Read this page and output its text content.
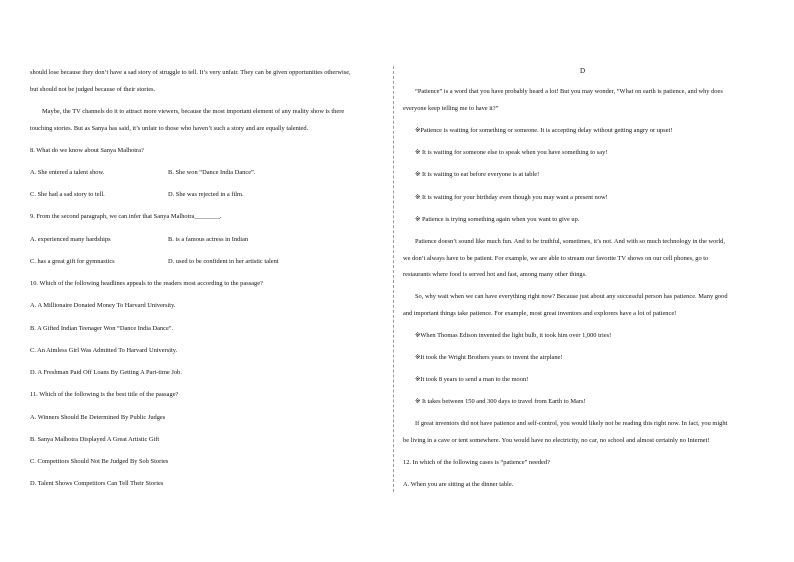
should lose because they don’t have a sad story of struggle to tell. It’s very unfair. They can be given opportunities otherwise,
but should not be judged because of their stories.
Maybe, the TV channels do it to attract more viewers, because the most important element of any reality show is there
touching stories. But as Sanya has said, it’s unfair to those who haven’t such a story and are equally talented.
8. What do we know about Sanya Malhotra?
A. She entered a talent show.	B. She won “Dance India Dance”.
C. She had a sad story to tell.	D. She was rejected in a film.
9. From the second paragraph, we can infer that Sanya Malhotra________.
A. experienced many hardships	B. is a famous actress in Indian
C. has a great gift for gymnastics	D. used to be confident in her artistic talent
10. Which of the following headlines appeals to the readers most according to the passage?
A. A Millionaire Donated Money To Harvard University.
B. A Gifted Indian Teenager Won “Dance India Dance”.
C. An Aimless Girl Was Admitted To Harvard University.
D. A Freshman Paid Off Loans By Getting A Part-time Job.
11. Which of the following is the best title of the passage?
A. Winners Should Be Determined By Public Judges
B. Sanya Malhotra Displayed A Great Artistic Gift
C. Competitors Should Not Be Judged By Sob Stories
D. Talent Shows Competitors Can Tell Their Stories
D
“Patience” is a word that you have probably heard a lot! But you may wonder, “What on earth is patience, and why does
everyone keep telling me to have it?”
※Patience is waiting for something or someone. It is accepting delay without getting angry or upset!
※ It is waiting for someone else to speak when you have something to say!
※ It is waiting to eat before everyone is at table!
※ It is waiting for your birthday even though you may want a present now!
※ Patience is trying something again when you want to give up.
Patience doesn’t sound like much fun. And to be truthful, sometimes, it’s not. And with so much technology in the world,
we don’t always have to be patient. For example, we are able to stream our favorite TV shows on our cell phones, go to
restaurants where food is served hot and fast, among many other things.
So, why wait when we can have everything right now? Because just about any successful person has patience. Many good
and important things take patience. For example, most great inventors and explorers have a lot of patience!
※When Thomas Edison invented the light bulb, it took him over 1,000 tries!
※It took the Wright Brothers years to invent the airplane!
※It took 8 years to send a man to the moon!
※ It takes between 150 and 300 days to travel from Earth to Mars!
If great inventors did not have patience and self-control, you would likely not be reading this right now. In fact, you might
be living in a cave or tent somewhere. You would have no electricity, no car, no school and almost certainly no Internet!
12. In which of the following cases is “patience” needed?
A. When you are sitting at the dinner table.
